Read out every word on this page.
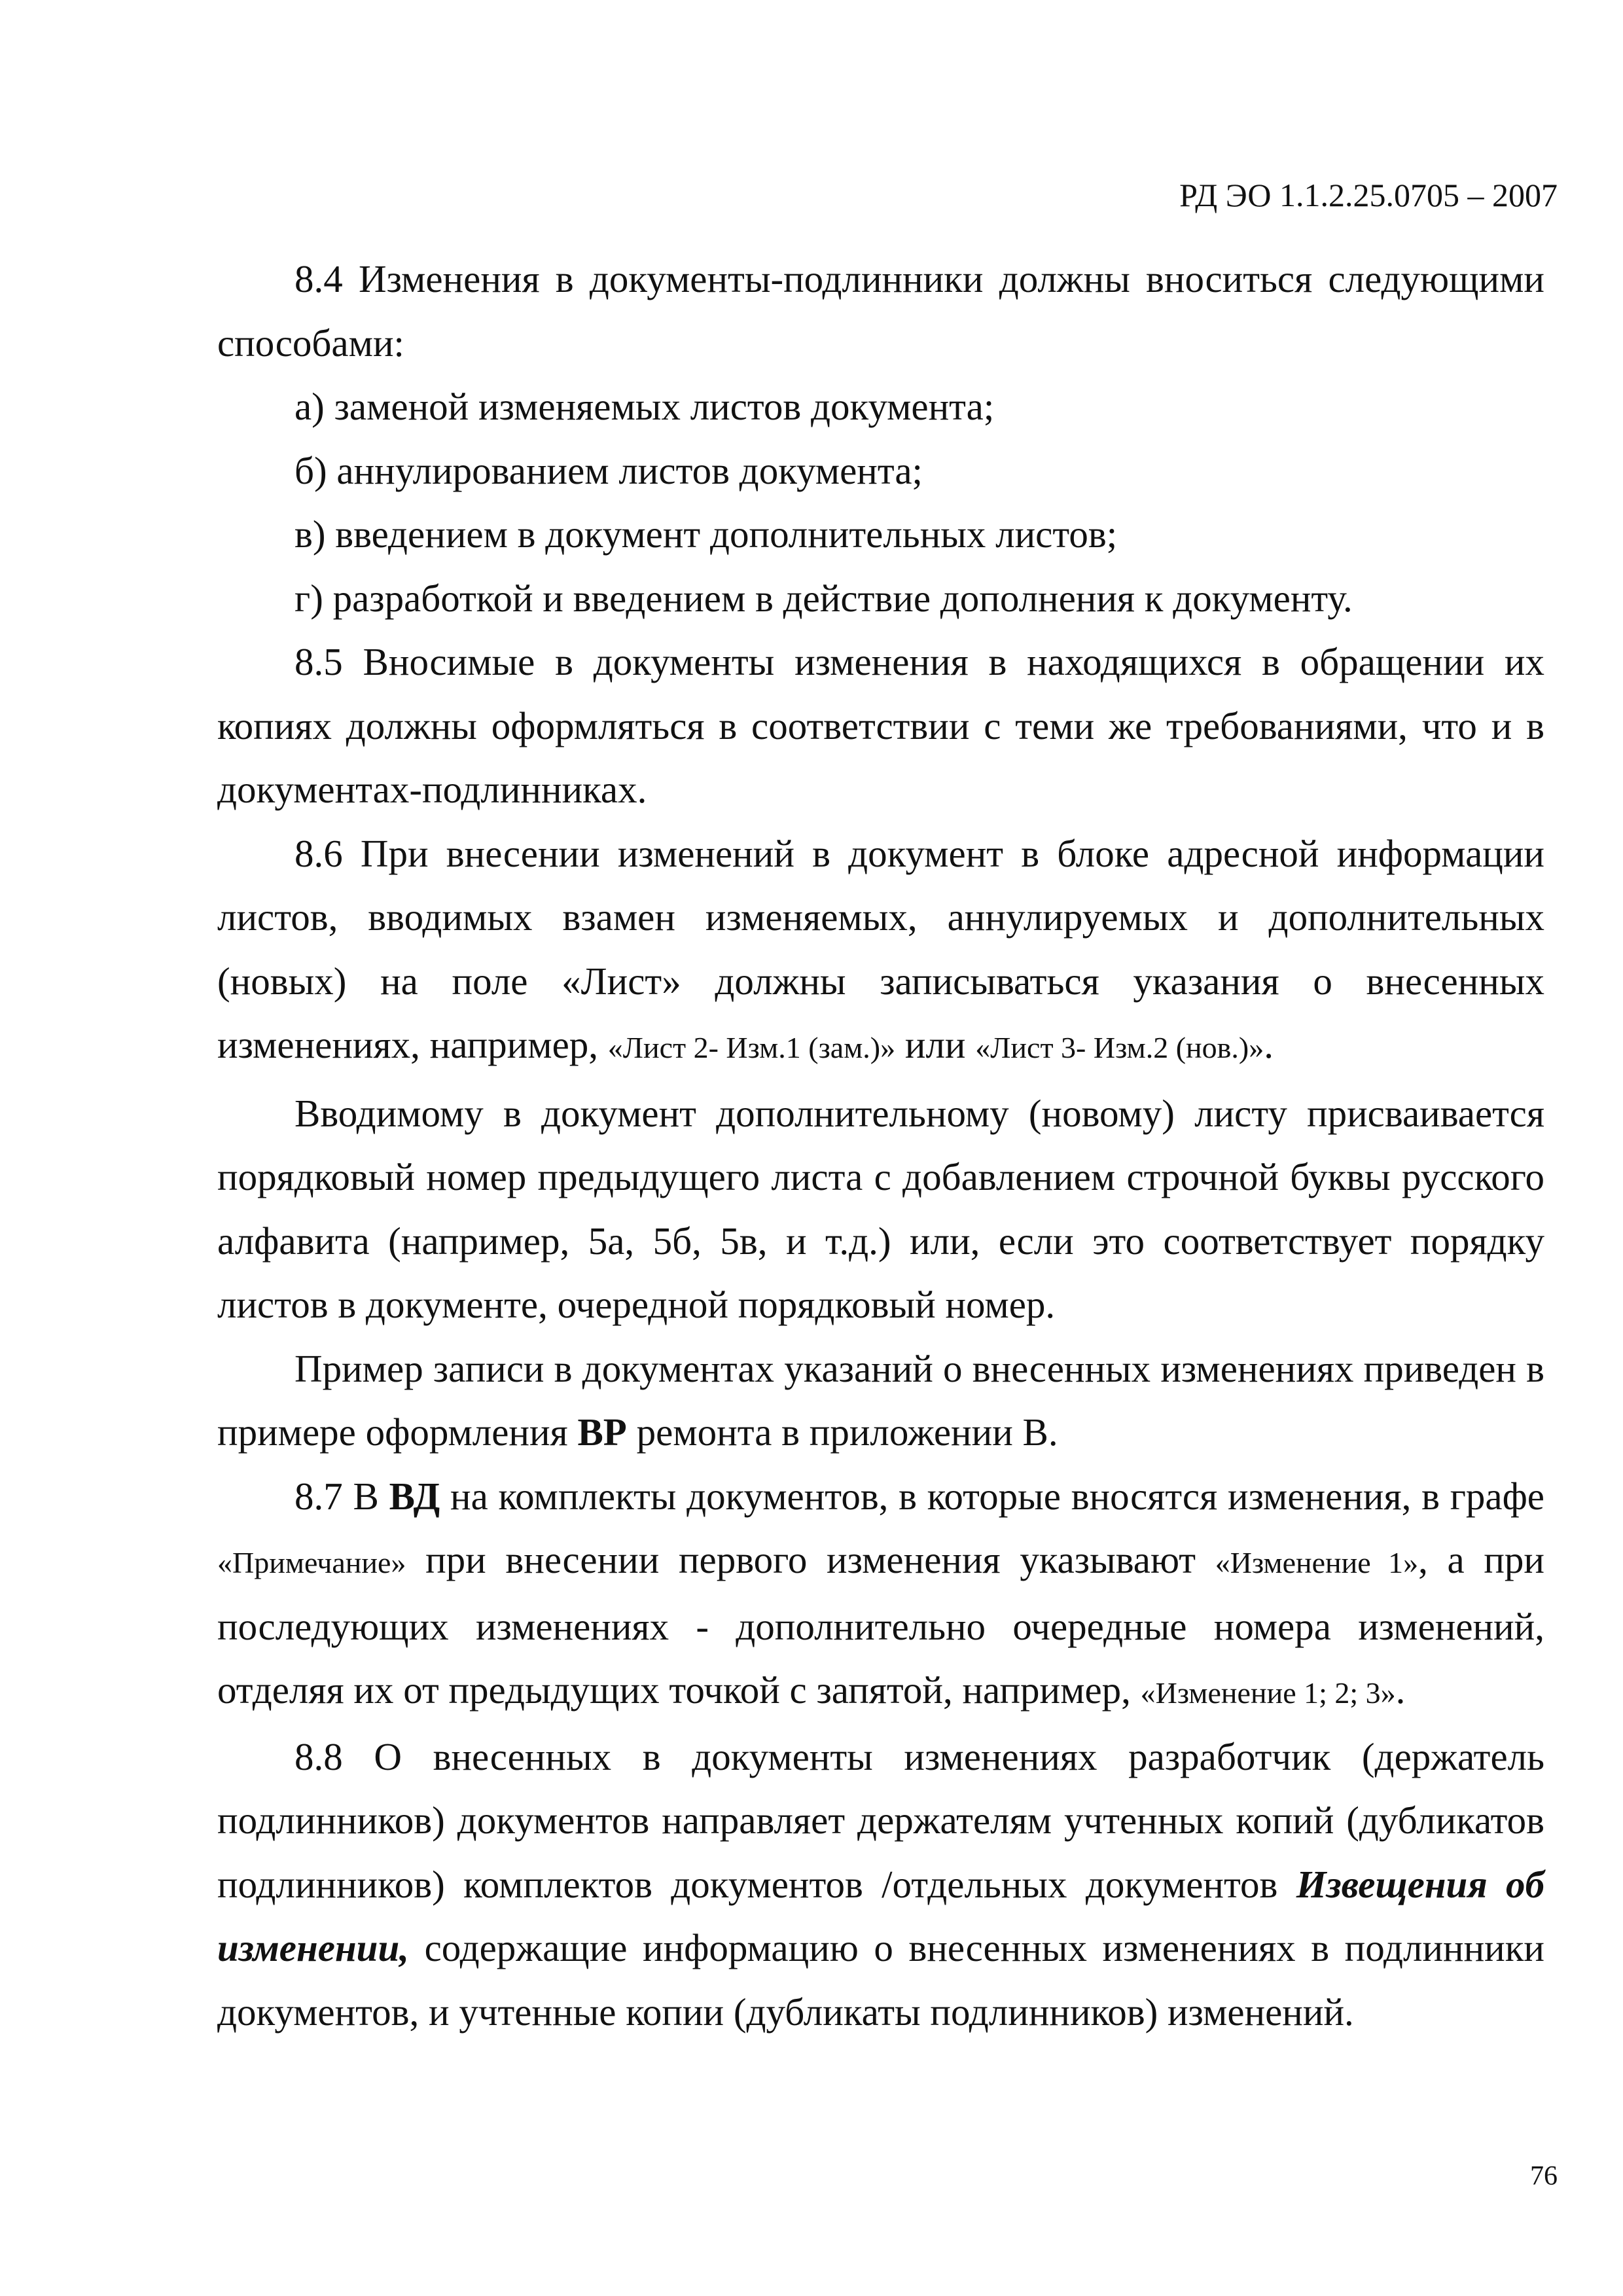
РД ЭО 1.1.2.25.0705 – 2007

8.4 Изменения в документы-подлинники должны вноситься следующими способами:

а) заменой изменяемых листов документа;

б) аннулированием листов документа;

в) введением в документ дополнительных листов;

г) разработкой и введением в действие дополнения к документу.

8.5 Вносимые в документы изменения в находящихся в обращении их копиях должны оформляться в соответствии с теми же требованиями, что и в документах-подлинниках.

8.6 При внесении изменений в документ в блоке адресной информации листов, вводимых взамен изменяемых, аннулируемых и дополнительных (новых) на поле «Лист» должны записываться указания о внесенных изменениях, например, «Лист 2- Изм.1 (зам.)» или «Лист 3- Изм.2 (нов.)».

Вводимому в документ дополнительному (новому) листу присваивается порядковый номер предыдущего листа с добавлением строчной буквы русского алфавита (например, 5а, 5б, 5в, и т.д.) или, если это соответствует порядку листов в документе, очередной порядковый номер.

Пример записи в документах указаний о внесенных изменениях приведен в примере оформления ВР ремонта в приложении В.

8.7 В ВД на комплекты документов, в которые вносятся изменения, в графе «Примечание» при внесении первого изменения указывают «Изменение 1», а при последующих изменениях - дополнительно очередные номера изменений, отделяя их от предыдущих точкой с запятой, например, «Изменение 1; 2; 3».

8.8 О внесенных в документы изменениях разработчик (держатель подлинников) документов направляет держателям учтенных копий (дубликатов подлинников) комплектов документов /отдельных документов Извещения об изменении, содержащие информацию о внесенных изменениях в подлинники документов, и учтенные копии (дубликаты подлинников) изменений.

76
